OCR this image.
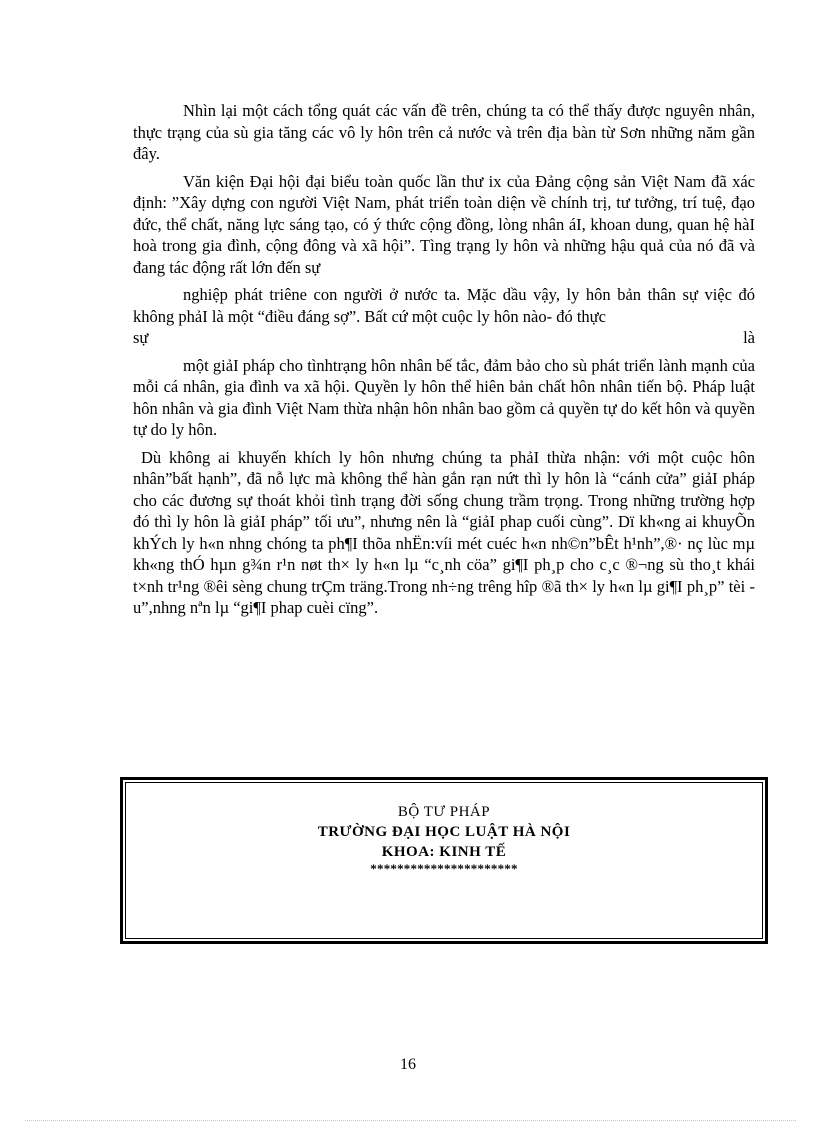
Nhìn lại một cách tổng quát các vấn đề trên, chúng ta có thể thấy được nguyên nhân, thực trạng của sù gia tăng các vô ly hôn trên cả nước và trên địa bàn từ Sơn những năm gần đây.

Văn kiện Đại hội đại biểu toàn quốc lần thư ix của Đảng cộng sản Việt Nam đã xác định: ”Xây dựng con người Việt Nam, phát triển toàn diện về chính trị, tư tưởng, trí tuệ, đạo đức, thể chất, năng lực sáng tạo, có ý thức cộng đồng, lòng nhân áI, khoan dung, quan hệ hàI hoà trong gia đình, cộng đông và xã hội”. Tìng trạng ly hôn và những hậu quả của nó đã và đang tác động rất lớn đến sự

nghiệp phát triêne con người ở nước ta. Mặc dầu vậy, ly hôn bản thân sự việc đó không phảI là một “điều đáng sợ”. Bất cứ một cuộc ly hôn nào- đó thực

sự là

một giảI pháp cho tìnhtrạng hôn nhân bế tắc, đảm bảo cho sù phát triển lành mạnh của mỗi cá nhân, gia đình va xã hội. Quyền ly hôn thể hiên bản chất hôn nhân tiến bộ. Pháp luật hôn nhân và gia đình Việt Nam thừa nhận hôn nhân bao gồm cả quyền tự do kết hôn và quyền tự do ly hôn.

Dù không ai khuyến khích ly hôn nhưng chúng ta phảI thừa nhận: với một cuộc hôn nhân”bất hạnh”, đã nỗ lực mà không thể hàn gắn rạn nứt thì ly hôn là “cánh cửa” giảI pháp cho các đương sự thoát khỏi tình trạng đời sống chung trầm trọng. Trong những trường hợp đó thì ly hôn là giảI pháp” tối ưu”, nhưng nên là “giảI phap cuối cùng”. Dï kh«ng ai khuyÕn khÝch ly h«n nhng chóng ta ph¶I thõa nhËn:víi mét cuéc h«n nh©n”bÊt h¹nh”,®· nç lùc mµ kh«ng thÓ hµn g¾n r¹n nøt th× ly h«n lµ “c¸nh cöa” gi¶I ph¸p cho c¸c ®¬ng sù tho¸t khái t×nh tr¹ng ®êi sèng chung trÇm träng.Trong nh÷ng trêng hîp ®ã th× ly h«n lµ gi¶I ph¸p” tèi u”,nhng nªn lµ “gi¶I phap cuèi cïng”.

BỘ TƯ PHÁP
TRƯỜNG ĐẠI HỌC LUẬT HÀ NỘI
KHOA: KINH TẾ
**********************
16
